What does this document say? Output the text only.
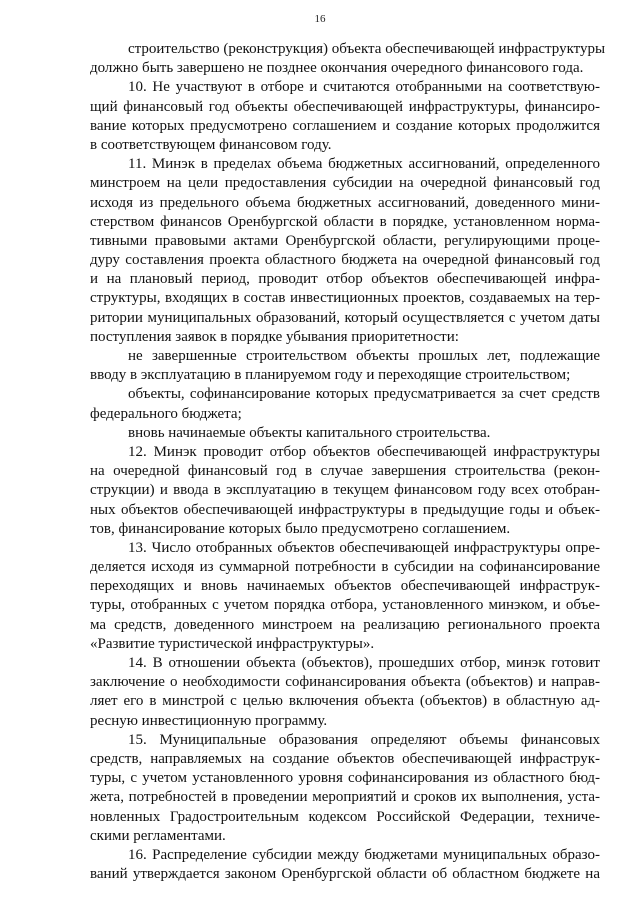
16
строительство (реконструкция) объекта обеспечивающей инфраструктуры
должно быть завершено не позднее окончания очередного финансового года.
10. Не участвуют в отборе и считаются отобранными на соответствую-
щий финансовый год объекты обеспечивающей инфраструктуры, финансиро-
вание которых предусмотрено соглашением и создание которых продолжится
в соответствующем финансовом году.
11. Минэк в пределах объема бюджетных ассигнований, определенного
минстроем на цели предоставления субсидии на очередной финансовый год
исходя из предельного объема бюджетных ассигнований, доведенного мини-
стерством финансов Оренбургской области в порядке, установленном норма-
тивными правовыми актами Оренбургской области, регулирующими проце-
дуру составления проекта областного бюджета на очередной финансовый год
и на плановый период, проводит отбор объектов обеспечивающей инфра-
структуры, входящих в состав инвестиционных проектов, создаваемых на тер-
ритории муниципальных образований, который осуществляется с учетом даты
поступления заявок в порядке убывания приоритетности:
не завершенные строительством объекты прошлых лет, подлежащие
вводу в эксплуатацию в планируемом году и переходящие строительством;
объекты, софинансирование которых предусматривается за счет средств
федерального бюджета;
вновь начинаемые объекты капитального строительства.
12. Минэк проводит отбор объектов обеспечивающей инфраструктуры
на очередной финансовый год в случае завершения строительства (рекон-
струкции) и ввода в эксплуатацию в текущем финансовом году всех отобран-
ных объектов обеспечивающей инфраструктуры в предыдущие годы и объек-
тов, финансирование которых было предусмотрено соглашением.
13. Число отобранных объектов обеспечивающей инфраструктуры опре-
деляется исходя из суммарной потребности в субсидии на софинансирование
переходящих и вновь начинаемых объектов обеспечивающей инфраструк-
туры, отобранных с учетом порядка отбора, установленного минэком, и объе-
ма средств, доведенного минстроем на реализацию регионального проекта
«Развитие туристической инфраструктуры».
14. В отношении объекта (объектов), прошедших отбор, минэк готовит
заключение о необходимости софинансирования объекта (объектов) и направ-
ляет его в минстрой с целью включения объекта (объектов) в областную ад-
ресную инвестиционную программу.
15. Муниципальные образования определяют объемы финансовых
средств, направляемых на создание объектов обеспечивающей инфраструк-
туры, с учетом установленного уровня софинансирования из областного бюд-
жета, потребностей в проведении мероприятий и сроков их выполнения, уста-
новленных Градостроительным кодексом Российской Федерации, техниче-
скими регламентами.
16. Распределение субсидии между бюджетами муниципальных образо-
ваний утверждается законом Оренбургской области об областном бюджете на
